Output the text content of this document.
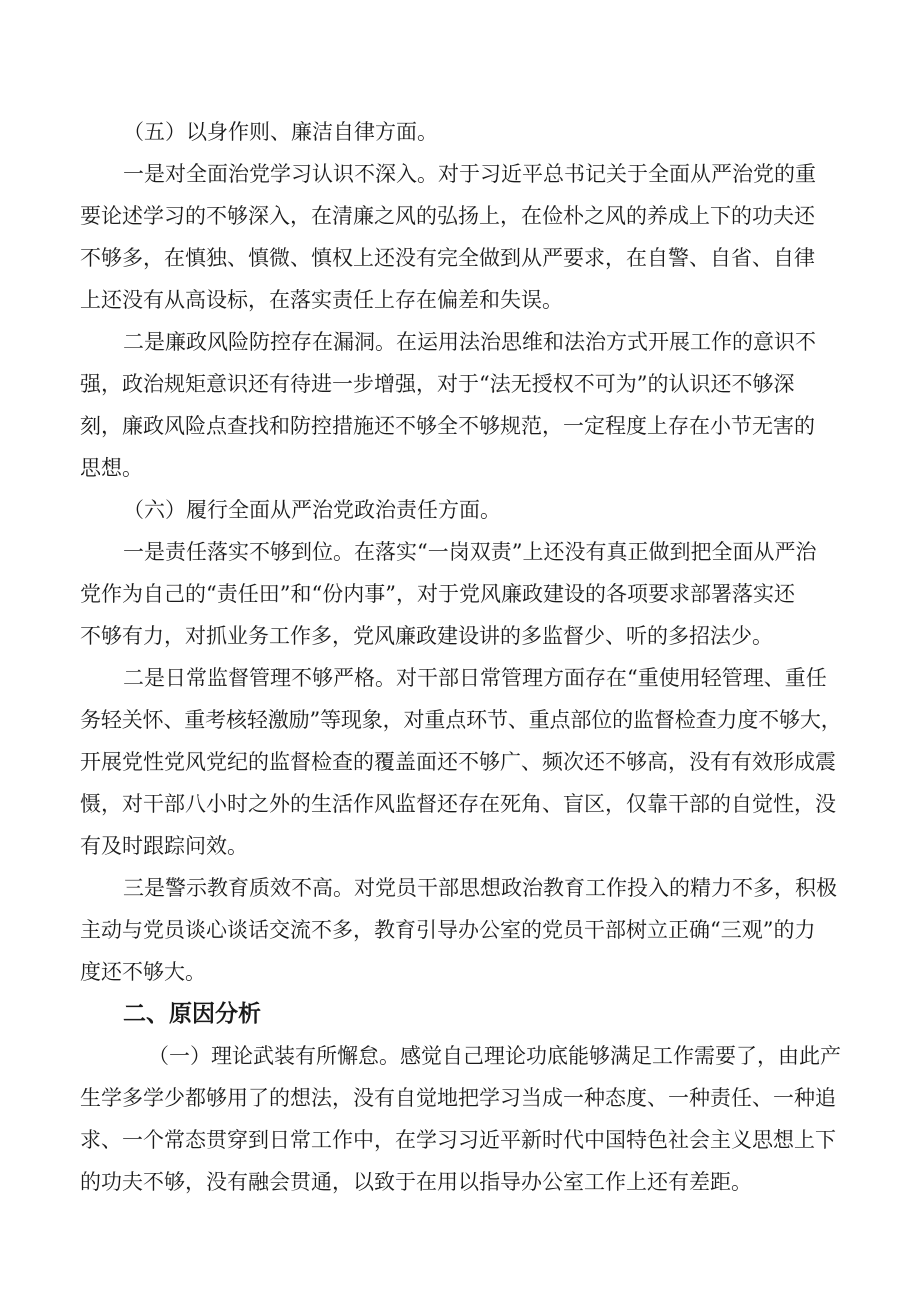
（五）以身作则、廉洁自律方面。
一是对全面治党学习认识不深入。对于习近平总书记关于全面从严治党的重
要论述学习的不够深入，在清廉之风的弘扬上，在俭朴之风的养成上下的功夫还
不够多，在慎独、慎微、慎权上还没有完全做到从严要求，在自警、自省、自律
上还没有从高设标，在落实责任上存在偏差和失误。
二是廉政风险防控存在漏洞。在运用法治思维和法治方式开展工作的意识不
强，政治规矩意识还有待进一步增强，对于“法无授权不可为”的认识还不够深
刻，廉政风险点查找和防控措施还不够全不够规范，一定程度上存在小节无害的
思想。
（六）履行全面从严治党政治责任方面。
一是责任落实不够到位。在落实“一岗双责”上还没有真正做到把全面从严治
党作为自己的“责任田”和“份内事”，对于党风廉政建设的各项要求部署落实还
不够有力，对抓业务工作多，党风廉政建设讲的多监督少、听的多招法少。
二是日常监督管理不够严格。对干部日常管理方面存在“重使用轻管理、重任
务轻关怀、重考核轻激励”等现象，对重点环节、重点部位的监督检查力度不够大，
开展党性党风党纪的监督检查的覆盖面还不够广、频次还不够高，没有有效形成震
慑，对干部八小时之外的生活作风监督还存在死角、盲区，仅靠干部的自觉性，没
有及时跟踪问效。
三是警示教育质效不高。对党员干部思想政治教育工作投入的精力不多，积极
主动与党员谈心谈话交流不多，教育引导办公室的党员干部树立正确“三观”的力
度还不够大。
二、原因分析
（一）理论武装有所懈怠。感觉自己理论功底能够满足工作需要了，由此产
生学多学少都够用了的想法，没有自觉地把学习当成一种态度、一种责任、一种追
求、一个常态贯穿到日常工作中，在学习习近平新时代中国特色社会主义思想上下
的功夫不够，没有融会贯通，以致于在用以指导办公室工作上还有差距。
